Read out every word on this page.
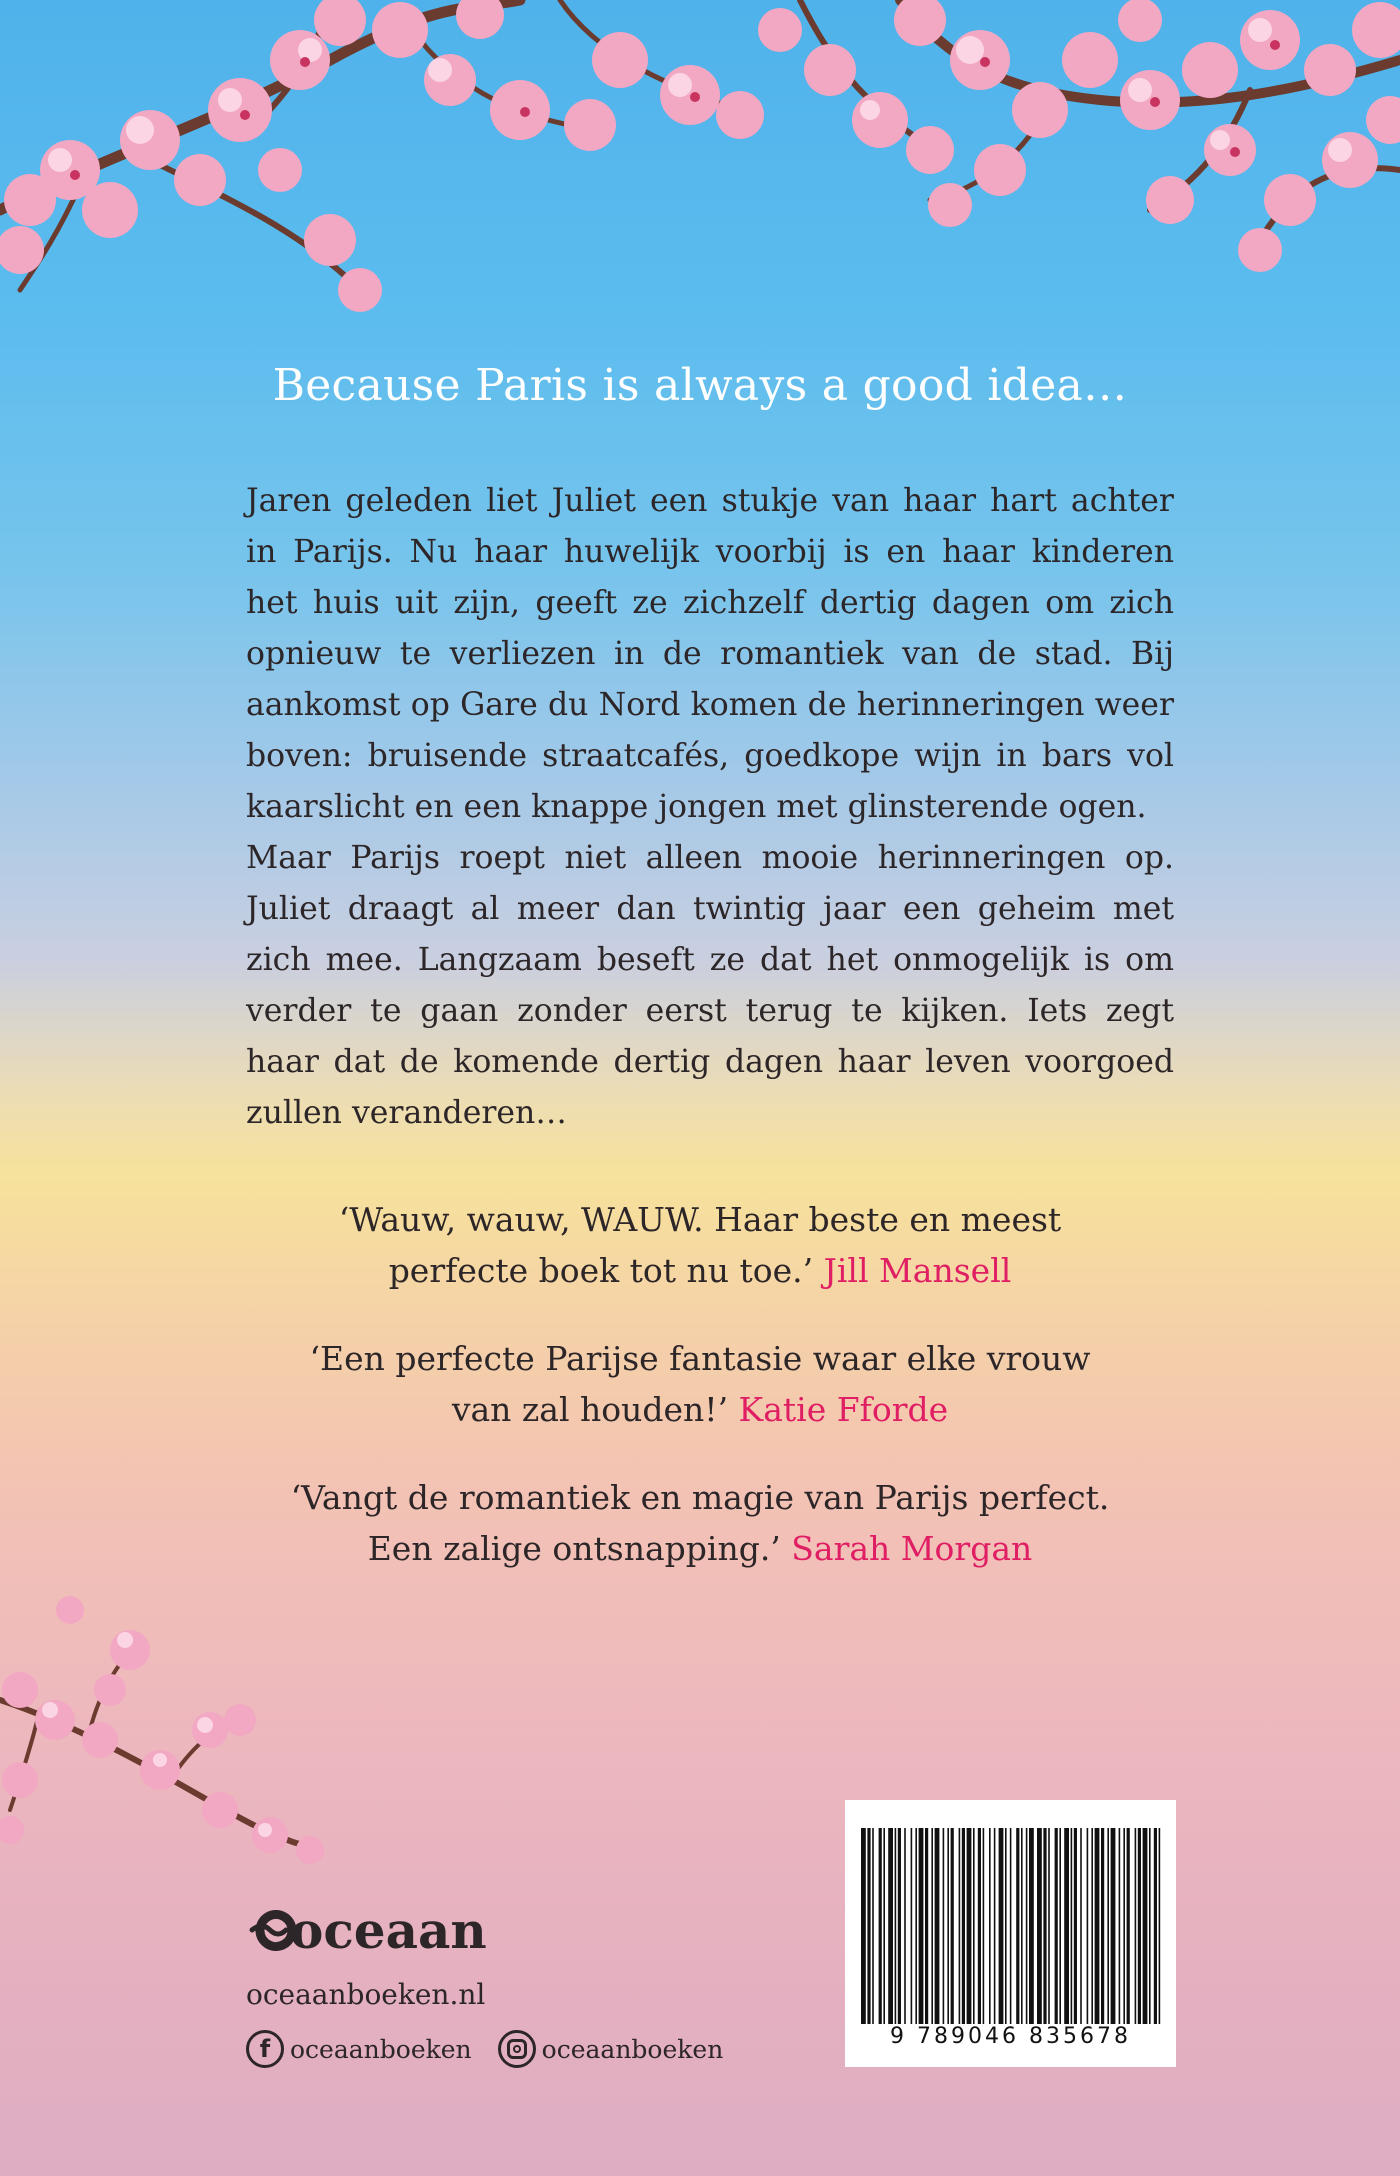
Because Paris is always a good idea…

Jaren geleden liet Juliet een stukje van haar hart achter in Parijs. Nu haar huwelijk voorbij is en haar kinderen het huis uit zijn, geeft ze zichzelf dertig dagen om zich opnieuw te verliezen in de romantiek van de stad. Bij aankomst op Gare du Nord komen de herinneringen weer boven: bruisende straatcafés, goedkope wijn in bars vol kaarslicht en een knappe jongen met glinsterende ogen.

Maar Parijs roept niet alleen mooie herinneringen op. Juliet draagt al meer dan twintig jaar een geheim met zich mee. Langzaam beseft ze dat het onmogelijk is om verder te gaan zonder eerst terug te kijken. Iets zegt haar dat de komende dertig dagen haar leven voorgoed zullen veranderen…

‘Wauw, wauw, WAUW. Haar beste en meest
perfecte boek tot nu toe.’ Jill Mansell
‘Een perfecte Parijse fantasie waar elke vrouw
van zal houden!’ Katie Fforde
‘Vangt de romantiek en magie van Parijs perfect.
Een zalige ontsnapping.’ Sarah Morgan
oceaan
oceaanboeken.nl
f oceaanboeken	oceaanboeken	9 789046 835678
